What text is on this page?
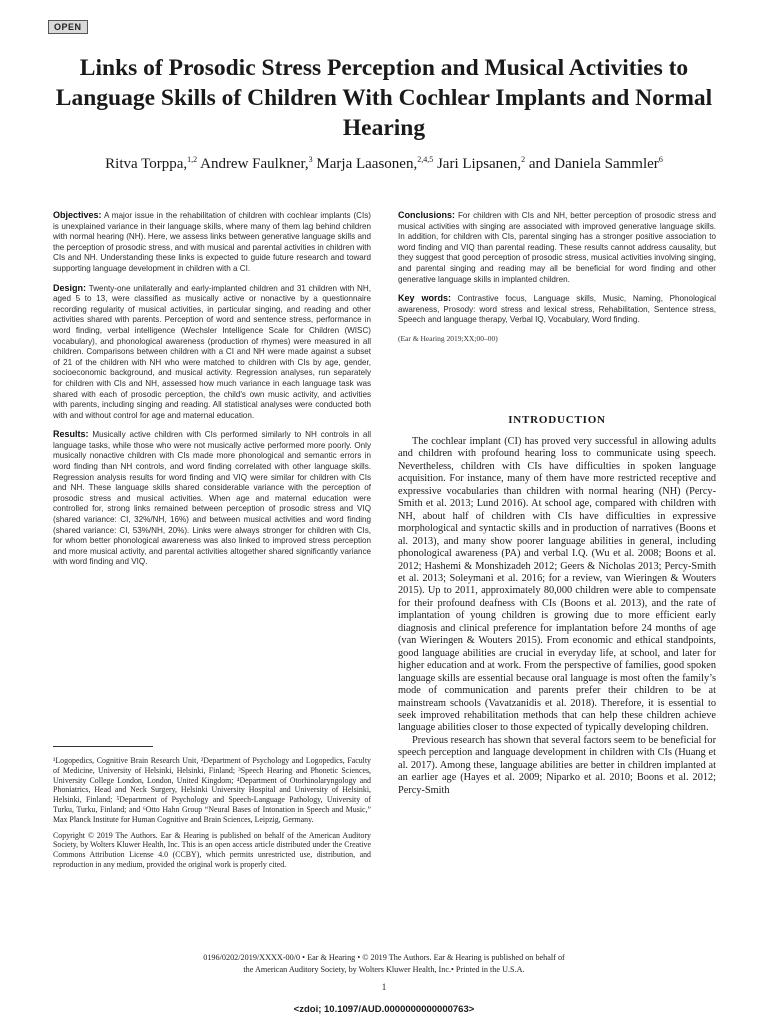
OPEN
Links of Prosodic Stress Perception and Musical Activities to Language Skills of Children With Cochlear Implants and Normal Hearing

Ritva Torppa,$^{1,2}$ Andrew Faulkner,$^3$ Marja Laasonen,$^{2,4,5}$ Jari Lipsanen,$^2$ and Daniela Sammler$^6$

Objectives: A major issue in the rehabilitation of children with cochlear implants (CIs) is unexplained variance in their language skills, where many of them lag behind children with normal hearing (NH). Here, we assess links between generative language skills and the perception of prosodic stress, and with musical and parental activities in children with CIs and NH. Understanding these links is expected to guide future research and toward supporting language development in children with a CI.

Design: Twenty-one unilaterally and early-implanted children and 31 children with NH, aged 5 to 13, were classified as musically active or nonactive by a questionnaire recording regularity of musical activities, in particular singing, and reading and other activities shared with parents. Perception of word and sentence stress, performance in word finding, verbal intelligence (Wechsler Intelligence Scale for Children (WISC) vocabulary), and phonological awareness (production of rhymes) were measured in all children. Comparisons between children with a CI and NH were made against a subset of 21 of the children with NH who were matched to children with CIs by age, gender, socioeconomic background, and musical activity. Regression analyses, run separately for children with CIs and NH, assessed how much variance in each language task was shared with each of prosodic perception, the child's own music activity, and activities with parents, including singing and reading. All statistical analyses were conducted both with and without control for age and maternal education.

Results: Musically active children with CIs performed similarly to NH controls in all language tasks, while those who were not musically active performed more poorly. Only musically nonactive children with CIs made more phonological and semantic errors in word finding than NH controls, and word finding correlated with other language skills. Regression analysis results for word finding and VIQ were similar for children with CIs and NH. These language skills shared considerable variance with the perception of prosodic stress and musical activities. When age and maternal education were controlled for, strong links remained between perception of prosodic stress and VIQ (shared variance: CI, 32%/NH, 16%) and between musical activities and word finding (shared variance: CI, 53%/NH, 20%). Links were always stronger for children with CIs, for whom better phonological awareness was also linked to improved stress perception and more musical activity, and parental activities altogether shared significantly variance with word finding and VIQ.

Conclusions: For children with CIs and NH, better perception of prosodic stress and musical activities with singing are associated with improved generative language skills. In addition, for children with CIs, parental singing has a stronger positive association to word finding and VIQ than parental reading. These results cannot address causality, but they suggest that good perception of prosodic stress, musical activities involving singing, and parental singing and reading may all be beneficial for word finding and other generative language skills in implanted children.

Key words: Contrastive focus, Language skills, Music, Naming, Phonological awareness, Prosody: word stress and lexical stress, Rehabilitation, Sentence stress, Speech and language therapy, Verbal IQ, Vocabulary, Word finding.

(Ear & Hearing 2019;XX;00–00)

¹Logopedics, Cognitive Brain Research Unit, ²Department of Psychology and Logopedics, Faculty of Medicine, University of Helsinki, Helsinki, Finland; ³Speech Hearing and Phonetic Sciences, University College London, London, United Kingdom; ⁴Department of Otorhinolaryngology and Phoniatrics, Head and Neck Surgery, Helsinki University Hospital and University of Helsinki, Helsinki, Finland; ⁵Department of Psychology and Speech-Language Pathology, University of Turku, Turku, Finland; and ⁶Otto Hahn Group “Neural Bases of Intonation in Speech and Music,” Max Planck Institute for Human Cognitive and Brain Sciences, Leipzig, Germany.

Copyright © 2019 The Authors. Ear & Hearing is published on behalf of the American Auditory Society, by Wolters Kluwer Health, Inc. This is an open access article distributed under the Creative Commons Attribution License 4.0 (CCBY), which permits unrestricted use, distribution, and reproduction in any medium, provided the original work is properly cited.

INTRODUCTION

The cochlear implant (CI) has proved very successful in allowing adults and children with profound hearing loss to communicate using speech. Nevertheless, children with CIs have difficulties in spoken language acquisition. For instance, many of them have more restricted receptive and expressive vocabularies than children with normal hearing (NH) (Percy-Smith et al. 2013; Lund 2016). At school age, compared with children with NH, about half of children with CIs have difficulties in expressive morphological and syntactic skills and in production of narratives (Boons et al. 2013), and many show poorer language abilities in general, including phonological awareness (PA) and verbal I.Q. (Wu et al. 2008; Boons et al. 2012; Hashemi & Monshizadeh 2012; Geers & Nicholas 2013; Percy-Smith et al. 2013; Soleymani et al. 2016; for a review, van Wieringen & Wouters 2015). Up to 2011, approximately 80,000 children were able to compensate for their profound deafness with CIs (Boons et al. 2013), and the rate of implantation of young children is growing due to more efficient early diagnosis and clinical preference for implantation before 24 months of age (van Wieringen & Wouters 2015). From economic and ethical standpoints, good language abilities are crucial in everyday life, at school, and later for higher education and at work. From the perspective of families, good spoken language skills are essential because oral language is most often the family’s mode of communication and parents prefer their children to be at mainstream schools (Vavatzanidis et al. 2018). Therefore, it is essential to seek improved rehabilitation methods that can help these children achieve language abilities closer to those expected of typically developing children.

Previous research has shown that several factors seem to be beneficial for speech perception and language development in children with CIs (Huang et al. 2017). Among these, language abilities are better in children implanted at an earlier age (Hayes et al. 2009; Niparko et al. 2010; Boons et al. 2012; Percy-Smith

0196/0202/2019/XXXX-00/0 • Ear & Hearing • © 2019 The Authors. Ear & Hearing is published on behalf of
the American Auditory Society, by Wolters Kluwer Health, Inc.• Printed in the U.S.A.

1

<zdoi; 10.1097/AUD.0000000000000763>
